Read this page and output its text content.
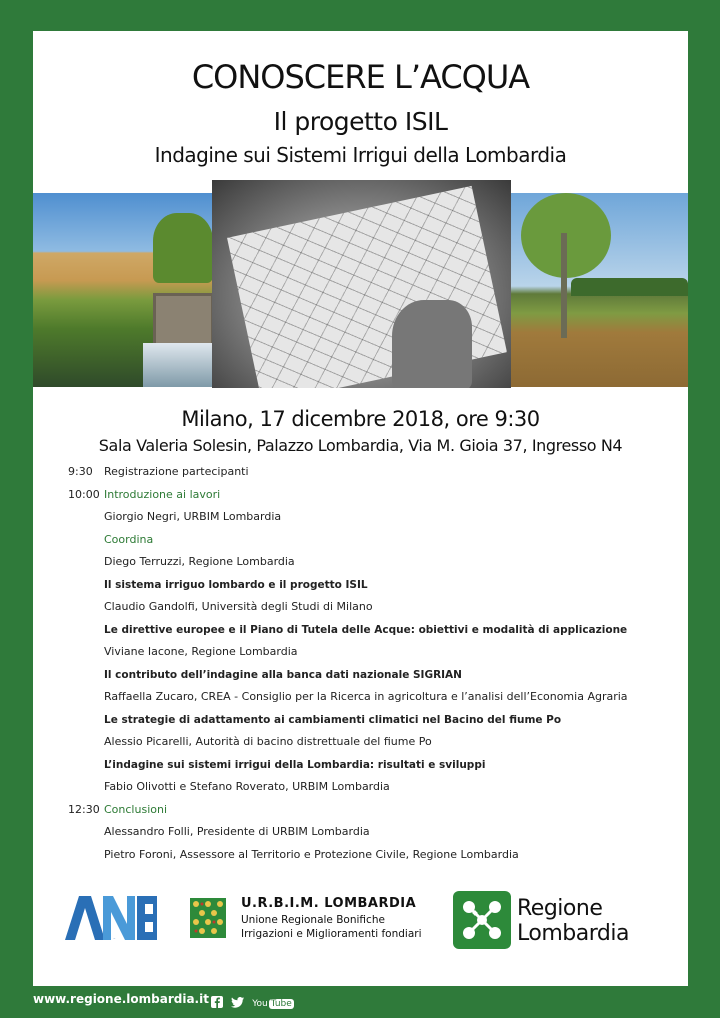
CONOSCERE L’ACQUA
Il progetto ISIL
Indagine sui Sistemi Irrigui della Lombardia
Milano, 17 dicembre 2018, ore 9:30
Sala Valeria Solesin, Palazzo Lombardia, Via M. Gioia 37, Ingresso N4
9:30	Registrazione partecipanti
10:00 Introduzione ai lavori
Giorgio Negri, URBIM Lombardia
Coordina
Diego Terruzzi, Regione Lombardia
Il sistema irriguo lombardo e il progetto ISIL
Claudio Gandolfi, Università degli Studi di Milano
Le direttive europee e il Piano di Tutela delle Acque: obiettivi e modalità di applicazione
Viviane Iacone, Regione Lombardia
Il contributo dell’indagine alla banca dati nazionale SIGRIAN
Raffaella Zucaro, CREA - Consiglio per la Ricerca in agricoltura e l’analisi dell’Economia Agraria
Le strategie di adattamento ai cambiamenti climatici nel Bacino del fiume Po
Alessio Picarelli, Autorità di bacino distrettuale del fiume Po
L’indagine sui sistemi irrigui della Lombardia: risultati e sviluppi
Fabio Olivotti e Stefano Roverato, URBIM Lombardia
12:30 Conclusioni
Alessandro Folli, Presidente di URBIM Lombardia
Pietro Foroni, Assessore al Territorio e Protezione Civile, Regione Lombardia
ANBI
U.R.B.I.M. LOMBARDIA
Unione Regionale Bonifiche
Irrigazioni e Miglioramenti fondiari
Regione
Lombardia
www.regione.lombardia.it	You Tube
